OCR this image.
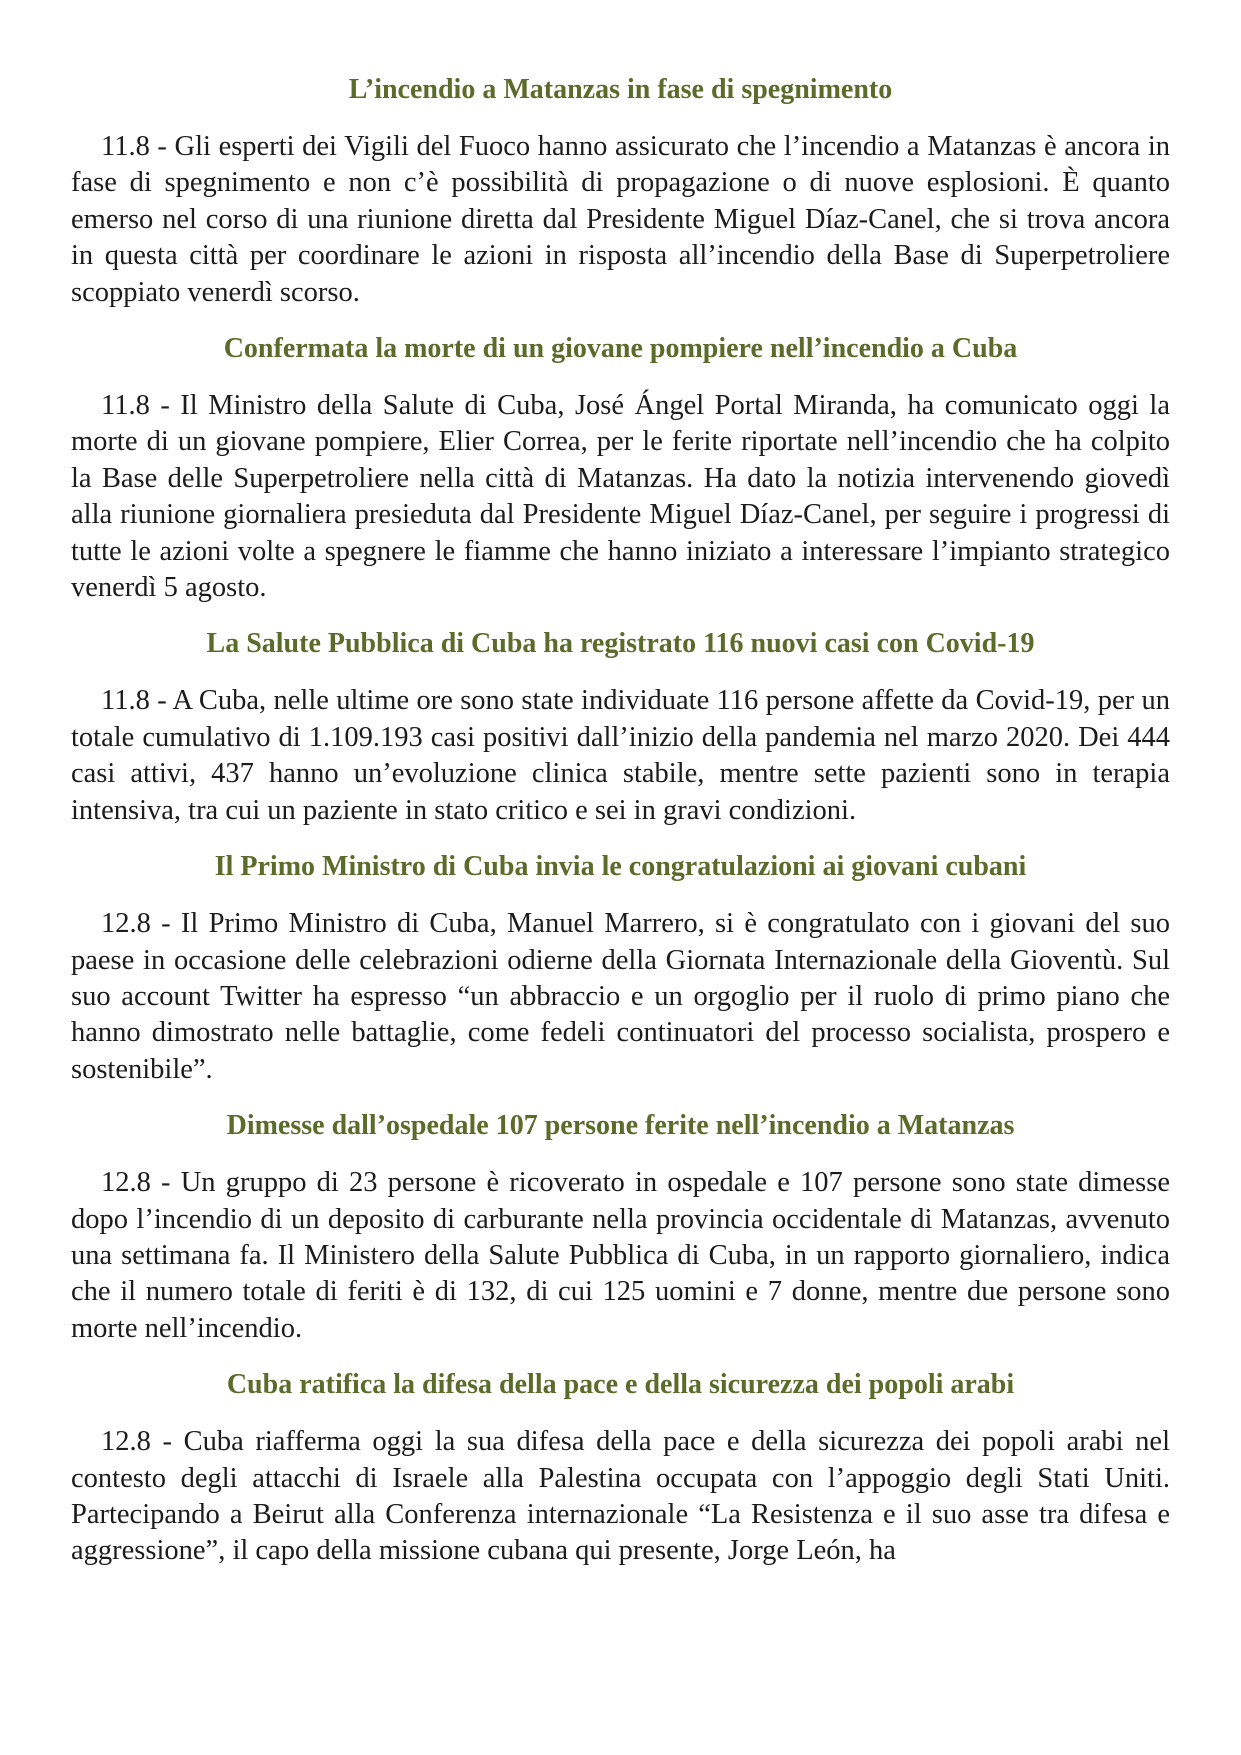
L’incendio a Matanzas in fase di spegnimento

11.8 - Gli esperti dei Vigili del Fuoco hanno assicurato che l’incendio a Matanzas è ancora in fase di spegnimento e non c’è possibilità di propagazione o di nuove esplosioni. È quanto emerso nel corso di una riunione diretta dal Presidente Miguel Díaz-Canel, che si trova ancora in questa città per coordinare le azioni in risposta all’incendio della Base di Superpetroliere scoppiato venerdì scorso.

Confermata la morte di un giovane pompiere nell’incendio a Cuba

11.8 - Il Ministro della Salute di Cuba, José Ángel Portal Miranda, ha comunicato oggi la morte di un giovane pompiere, Elier Correa, per le ferite riportate nell’incendio che ha colpito la Base delle Superpetroliere nella città di Matanzas. Ha dato la notizia intervenendo giovedì alla riunione giornaliera presieduta dal Presidente Miguel Díaz-Canel, per seguire i progressi di tutte le azioni volte a spegnere le fiamme che hanno iniziato a interessare l’impianto strategico venerdì 5 agosto.

La Salute Pubblica di Cuba ha registrato 116 nuovi casi con Covid-19

11.8 - A Cuba, nelle ultime ore sono state individuate 116 persone affette da Covid-19, per un totale cumulativo di 1.109.193 casi positivi dall’inizio della pandemia nel marzo 2020. Dei 444 casi attivi, 437 hanno un’evoluzione clinica stabile, mentre sette pazienti sono in terapia intensiva, tra cui un paziente in stato critico e sei in gravi condizioni.

Il Primo Ministro di Cuba invia le congratulazioni ai giovani cubani

12.8 - Il Primo Ministro di Cuba, Manuel Marrero, si è congratulato con i giovani del suo paese in occasione delle celebrazioni odierne della Giornata Internazionale della Gioventù. Sul suo account Twitter ha espresso “un abbraccio e un orgoglio per il ruolo di primo piano che hanno dimostrato nelle battaglie, come fedeli continuatori del processo socialista, prospero e sostenibile”.

Dimesse dall’ospedale 107 persone ferite nell’incendio a Matanzas

12.8 - Un gruppo di 23 persone è ricoverato in ospedale e 107 persone sono state dimesse dopo l’incendio di un deposito di carburante nella provincia occidentale di Matanzas, avvenuto una settimana fa. Il Ministero della Salute Pubblica di Cuba, in un rapporto giornaliero, indica che il numero totale di feriti è di 132, di cui 125 uomini e 7 donne, mentre due persone sono morte nell’incendio.

Cuba ratifica la difesa della pace e della sicurezza dei popoli arabi

12.8 - Cuba riafferma oggi la sua difesa della pace e della sicurezza dei popoli arabi nel contesto degli attacchi di Israele alla Palestina occupata con l’appoggio degli Stati Uniti. Partecipando a Beirut alla Conferenza internazionale “La Resistenza e il suo asse tra difesa e aggressione”, il capo della missione cubana qui presente, Jorge León, ha
